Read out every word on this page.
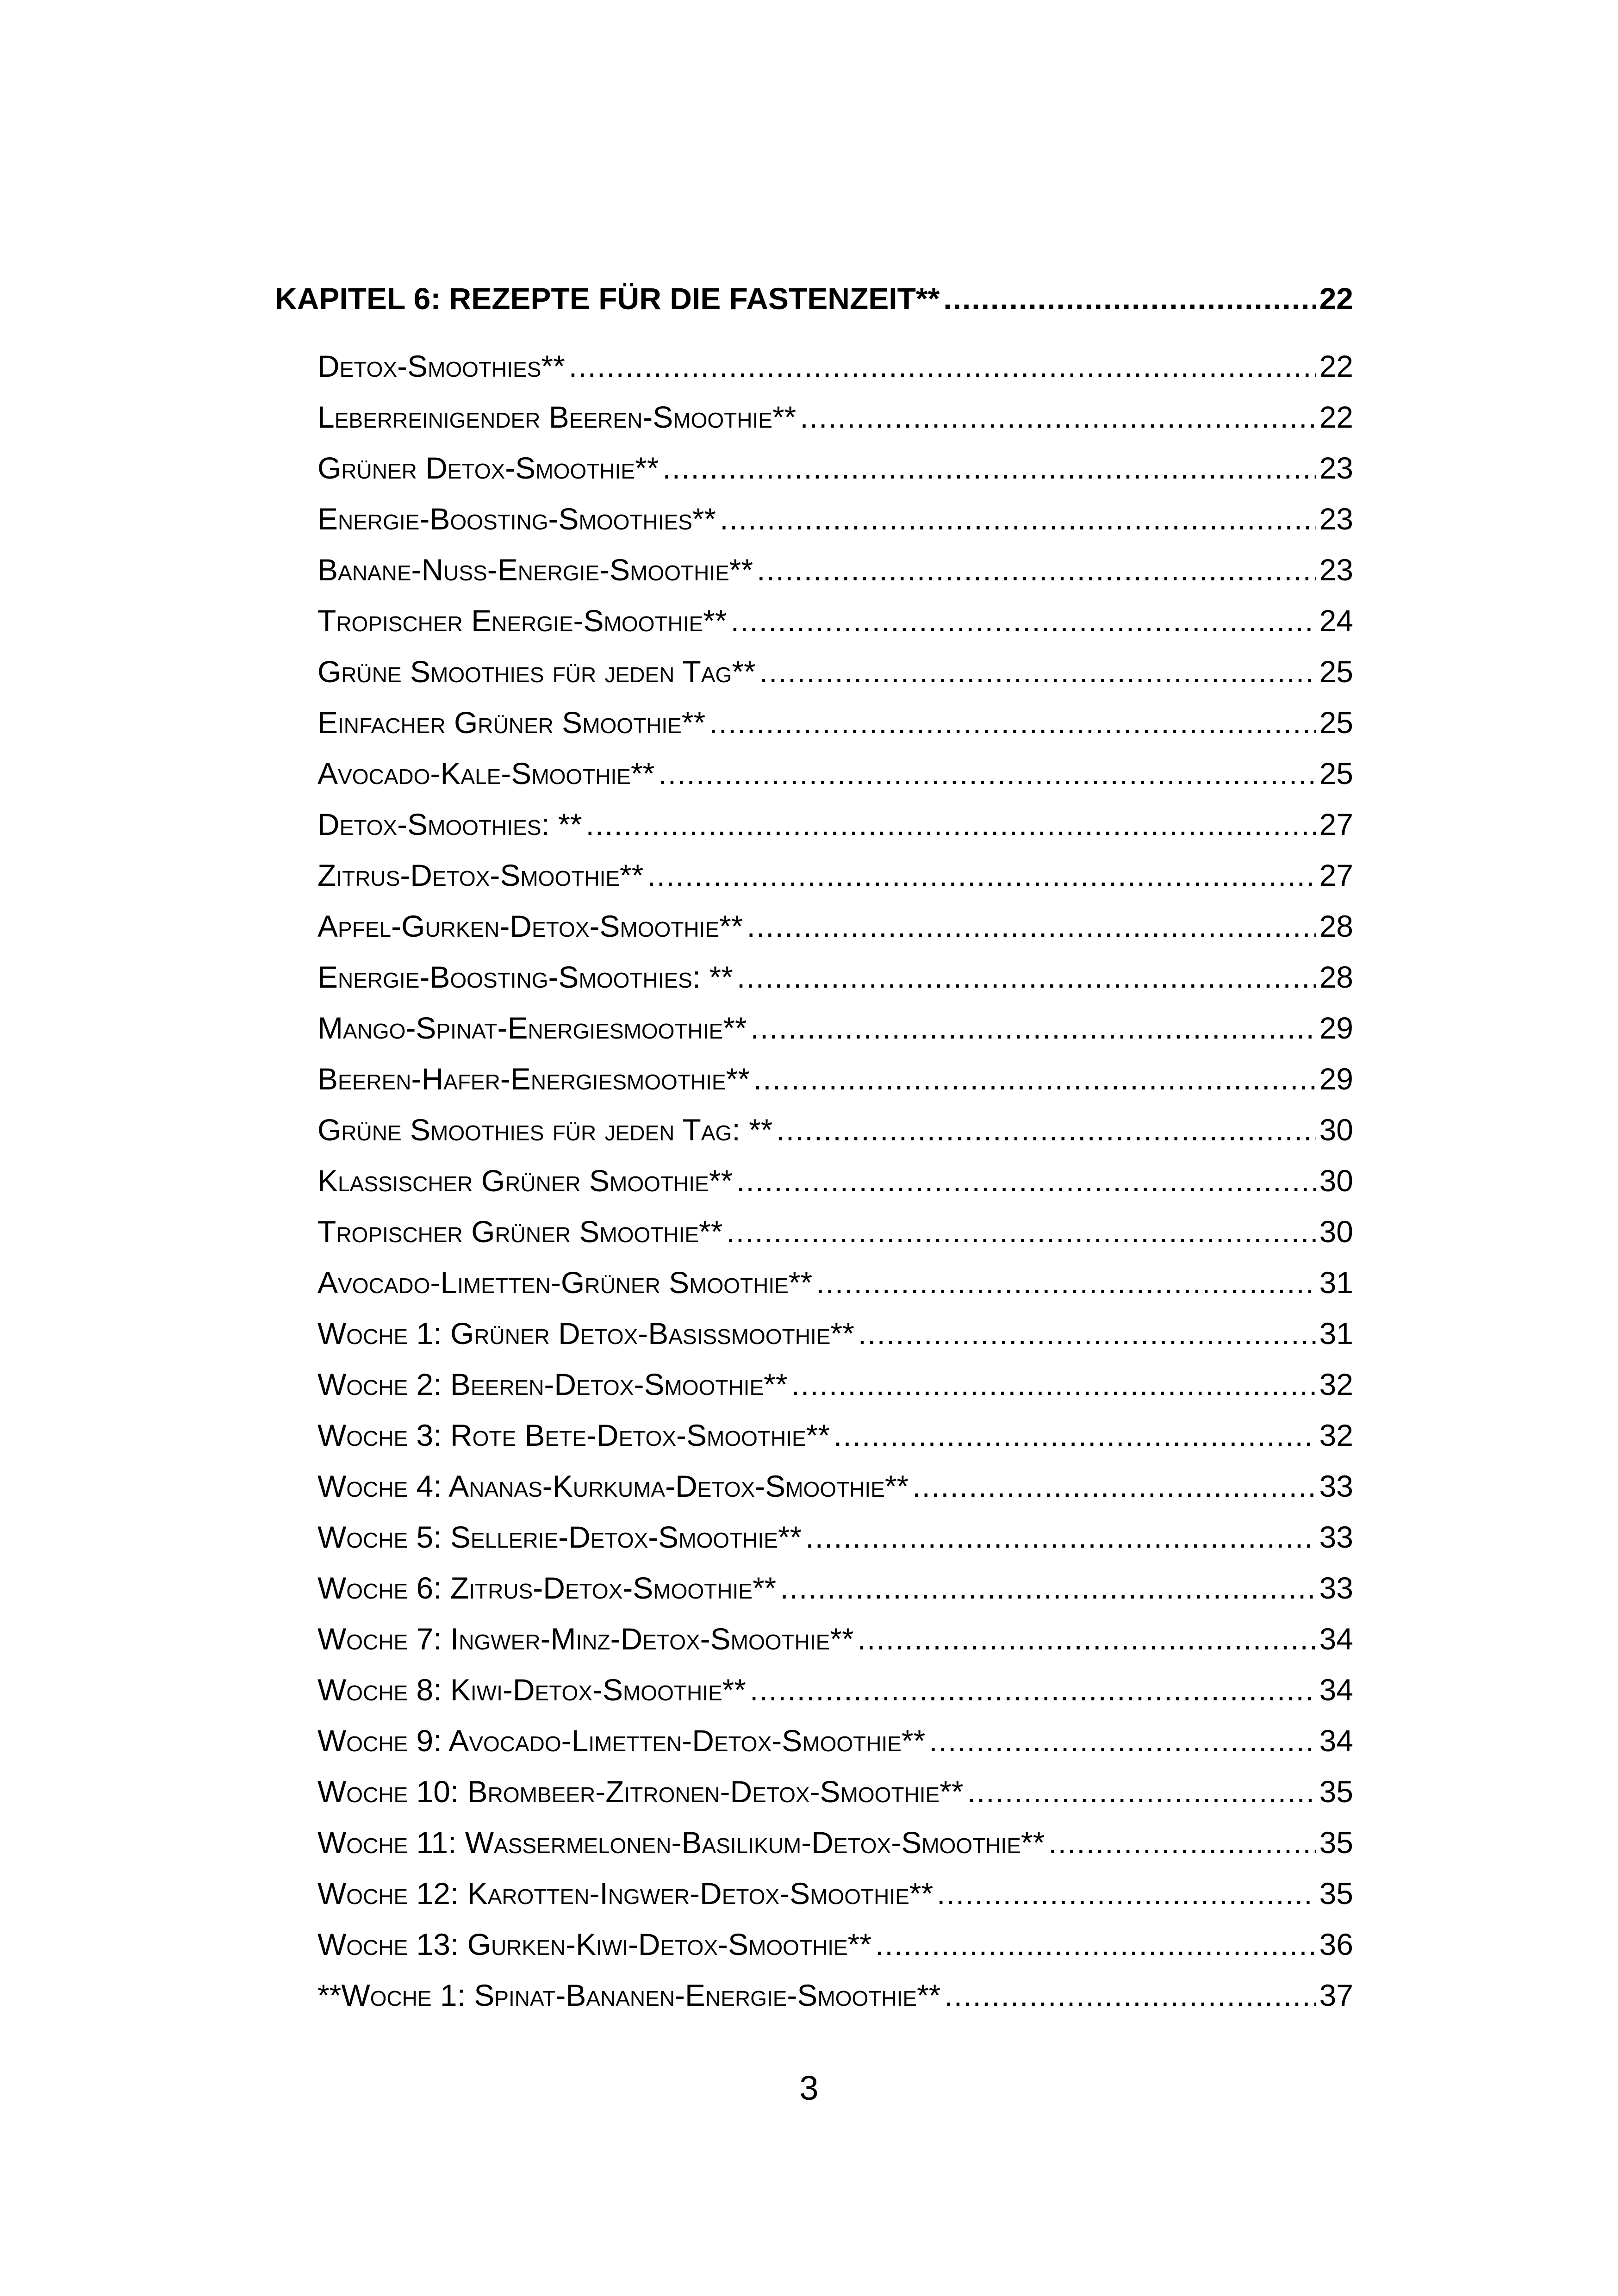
KAPITEL 6: REZEPTE FÜR DIE FASTENZEIT** .....	22
Detox-Smoothies** .....	22
Leberreinigender Beeren-Smoothie** .....	22
Grüner Detox-Smoothie** .....	23
Energie-Boosting-Smoothies** .....	23
Banane-Nuss-Energie-Smoothie** .....	23
Tropischer Energie-Smoothie** .....	24
Grüne Smoothies für jeden Tag** .....	25
Einfacher Grüner Smoothie** .....	25
Avocado-Kale-Smoothie** .....	25
Detox-Smoothies: ** .....	27
Zitrus-Detox-Smoothie** .....	27
Apfel-Gurken-Detox-Smoothie** .....	28
Energie-Boosting-Smoothies: ** .....	28
Mango-Spinat-Energiesmoothie** .....	29
Beeren-Hafer-Energiesmoothie** .....	29
Grüne Smoothies für jeden Tag: ** .....	30
Klassischer Grüner Smoothie** .....	30
Tropischer Grüner Smoothie** .....	30
Avocado-Limetten-Grüner Smoothie** .....	31
Woche 1: Grüner Detox-Basissmoothie** .....	31
Woche 2: Beeren-Detox-Smoothie** .....	32
Woche 3: Rote Bete-Detox-Smoothie** .....	32
Woche 4: Ananas-Kurkuma-Detox-Smoothie** .....	33
Woche 5: Sellerie-Detox-Smoothie** .....	33
Woche 6: Zitrus-Detox-Smoothie** .....	33
Woche 7: Ingwer-Minz-Detox-Smoothie** .....	34
Woche 8: Kiwi-Detox-Smoothie** .....	34
Woche 9: Avocado-Limetten-Detox-Smoothie** .....	34
Woche 10: Brombeer-Zitronen-Detox-Smoothie** .....	35
Woche 11: Wassermelonen-Basilikum-Detox-Smoothie** .....	35
Woche 12: Karotten-Ingwer-Detox-Smoothie** .....	35
Woche 13: Gurken-Kiwi-Detox-Smoothie** .....	36
**Woche 1: Spinat-Bananen-Energie-Smoothie** .....	37
3
